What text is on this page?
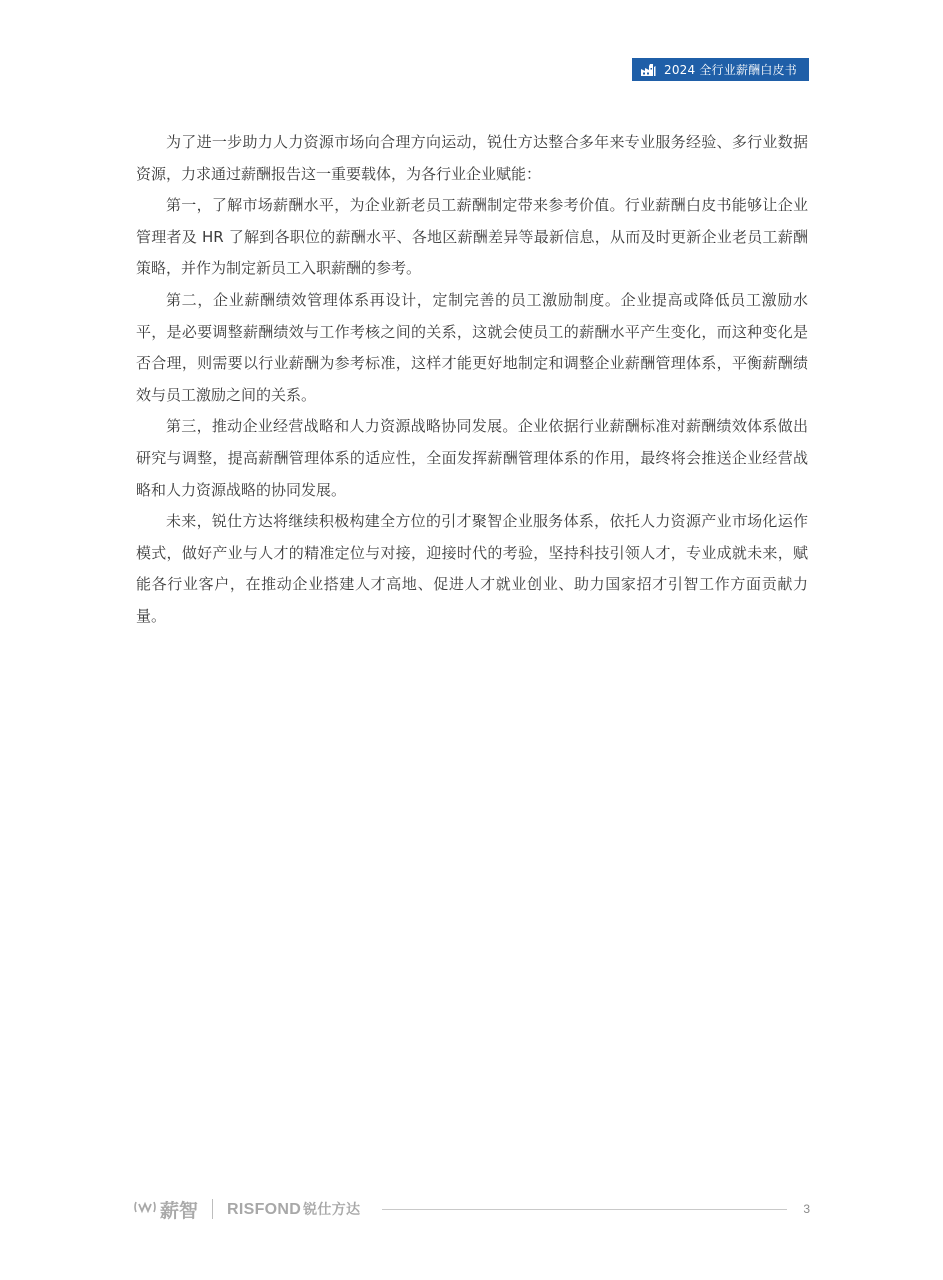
2024 全行业薪酬白皮书

为了进一步助力人力资源市场向合理方向运动，锐仕方达整合多年来专业服务经验、多行业数据资源，力求通过薪酬报告这一重要载体，为各行业企业赋能：

第一，了解市场薪酬水平，为企业新老员工薪酬制定带来参考价值。行业薪酬白皮书能够让企业管理者及 HR 了解到各职位的薪酬水平、各地区薪酬差异等最新信息，从而及时更新企业老员工薪酬策略，并作为制定新员工入职薪酬的参考。

第二，企业薪酬绩效管理体系再设计，定制完善的员工激励制度。企业提高或降低员工激励水平，是必要调整薪酬绩效与工作考核之间的关系，这就会使员工的薪酬水平产生变化，而这种变化是否合理，则需要以行业薪酬为参考标准，这样才能更好地制定和调整企业薪酬管理体系，平衡薪酬绩效与员工激励之间的关系。

第三，推动企业经营战略和人力资源战略协同发展。企业依据行业薪酬标准对薪酬绩效体系做出研究与调整，提高薪酬管理体系的适应性，全面发挥薪酬管理体系的作用，最终将会推送企业经营战略和人力资源战略的协同发展。

未来，锐仕方达将继续积极构建全方位的引才聚智企业服务体系，依托人力资源产业市场化运作模式，做好产业与人才的精准定位与对接，迎接时代的考验，坚持科技引领人才，专业成就未来，赋能各行业客户，在推动企业搭建人才高地、促进人才就业创业、助力国家招才引智工作方面贡献力量。

薪智 RISFOND 锐仕方达	3
